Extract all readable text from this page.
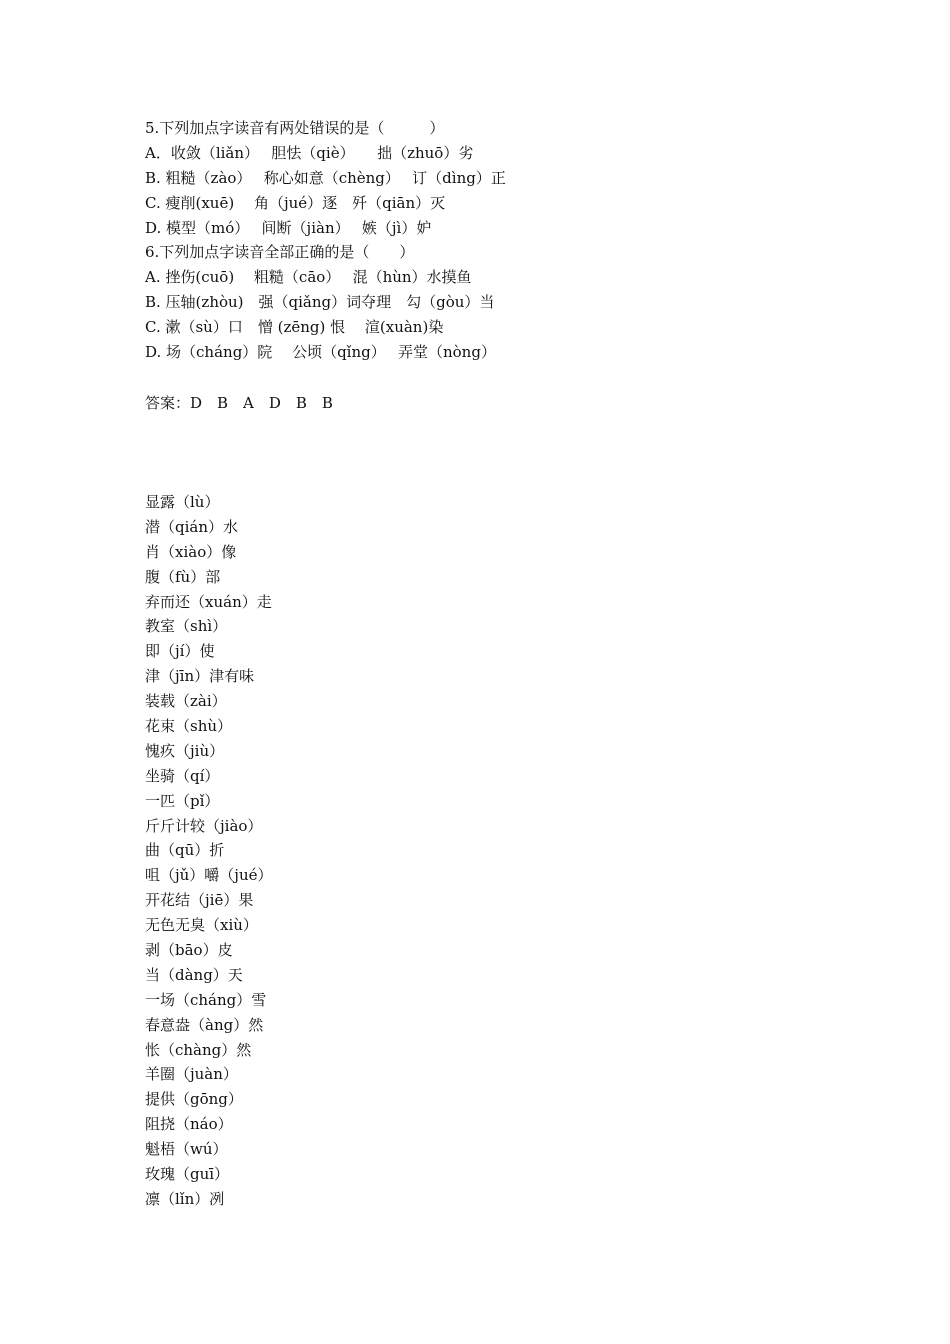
5.下列加点字读音有两处错误的是（　　　）
A．收敛（liǎn）　 胆怯（qiè）　　拙（zhuō）劣
B. 粗糙（zào）　 称心如意（chèng）　 订（dìng）正
C. 瘦削(xuē)　 角（jué）逐　歼（qiān）灭
D. 模型（mó）　 间断（jiàn）　 嫉（jì）妒
6.下列加点字读音全部正确的是（　　）
A. 挫伤(cuō)　 粗糙（cāo）　 混（hùn）水摸鱼
B. 压轴(zhòu)　强（qiǎng）词夺理　勾（gòu）当
C. 漱（sù）口　憎 (zēng) 恨　 渲(xuàn)染
D. 场（cháng）院　 公顷（qǐng）　 弄堂（nòng）
答案：D　B　A　D　B　B
显露（lù）
潜（qián）水
肖（xiào）像
腹（fù）部
弃而还（xuán）走
教室（shì）
即（jí）使
津（jīn）津有味
装载（zài）
花束（shù）
愧疚（jiù）
坐骑（qí）
一匹（pǐ）
斤斤计较（jiào）
曲（qū）折
咀（jǔ）嚼（jué）
开花结（jiē）果
无色无臭（xiù）
剥（bāo）皮
当（dàng）天
一场（cháng）雪
春意盎（àng）然
怅（chàng）然
羊圈（juàn）
提供（gōng）
阻挠（náo）
魁梧（wú）
玫瑰（guī）
凛（lǐn）冽
